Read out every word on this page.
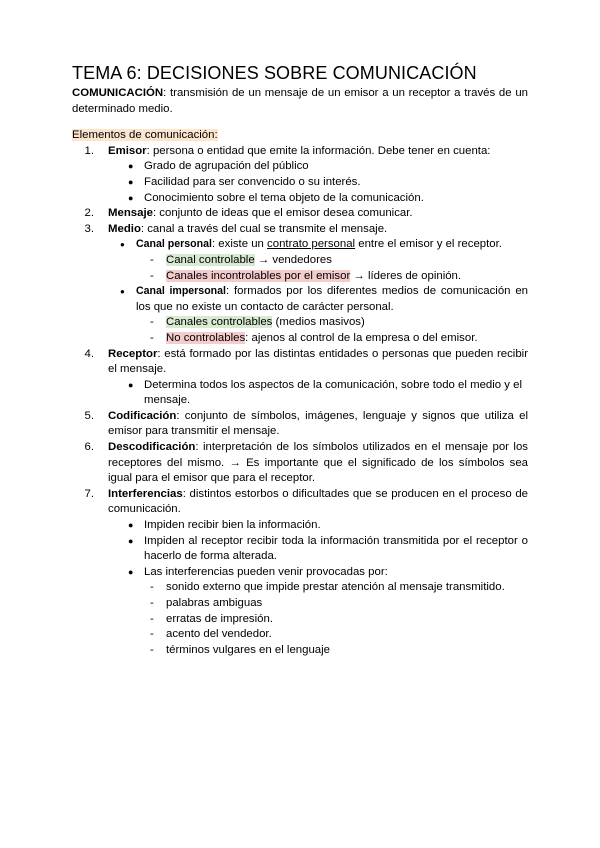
TEMA 6: DECISIONES SOBRE COMUNICACIÓN

COMUNICACIÓN: transmisión de un mensaje de un emisor a un receptor a través de un determinado medio.

Elementos de comunicación:

1. Emisor: persona o entidad que emite la información. Debe tener en cuenta:
● Grado de agrupación del público
● Facilidad para ser convencido o su interés.
● Conocimiento sobre el tema objeto de la comunicación.
2. Mensaje: conjunto de ideas que el emisor desea comunicar.
3. Medio: canal a través del cual se transmite el mensaje.
● Canal personal: existe un contrato personal entre el emisor y el receptor.
- Canal controlable → vendedores
- Canales incontrolables por el emisor → líderes de opinión.
● Canal impersonal: formados por los diferentes medios de comunicación en los que no existe un contacto de carácter personal.
- Canales controlables (medios masivos)
- No controlables: ajenos al control de la empresa o del emisor.
4. Receptor: está formado por las distintas entidades o personas que pueden recibir el mensaje.
● Determina todos los aspectos de la comunicación, sobre todo el medio y el mensaje.
5. Codificación: conjunto de símbolos, imágenes, lenguaje y signos que utiliza el emisor para transmitir el mensaje.
6. Descodificación: interpretación de los símbolos utilizados en el mensaje por los receptores del mismo. → Es importante que el significado de los símbolos sea igual para el emisor que para el receptor.
7. Interferencias: distintos estorbos o dificultades que se producen en el proceso de comunicación.
● Impiden recibir bien la información.
● Impiden al receptor recibir toda la información transmitida por el receptor o hacerlo de forma alterada.
● Las interferencias pueden venir provocadas por:
- sonido externo que impide prestar atención al mensaje transmitido.
- palabras ambiguas
- erratas de impresión.
- acento del vendedor.
- términos vulgares en el lenguaje
